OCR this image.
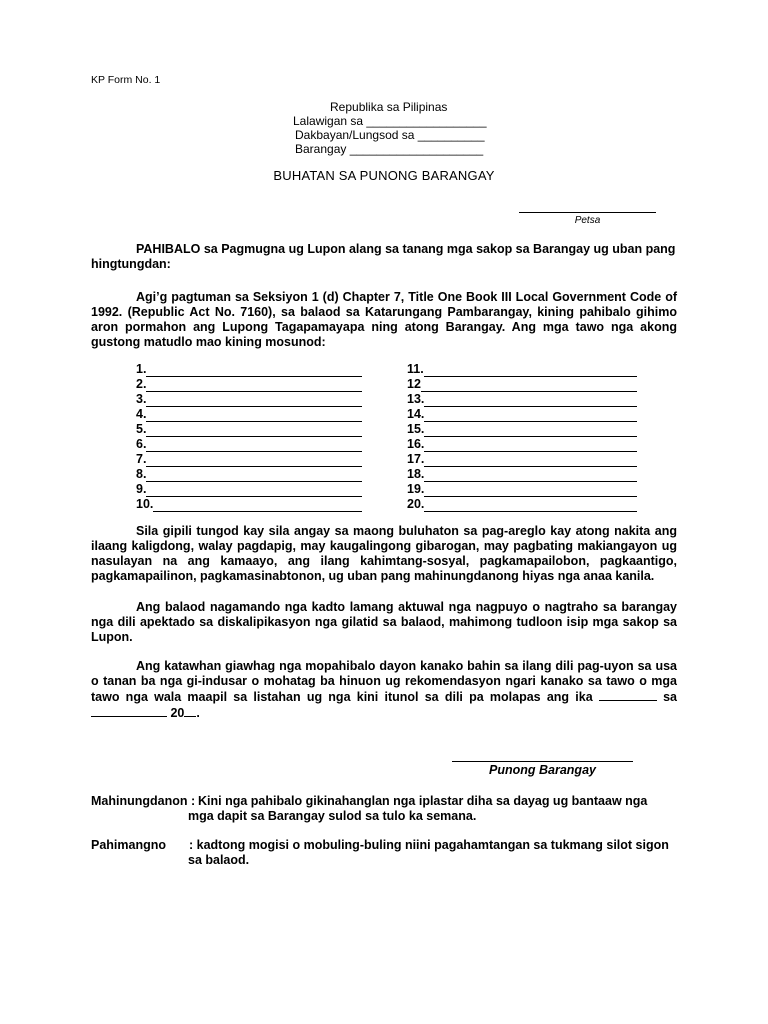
KP Form No. 1
Republika sa Pilipinas
Lalawigan sa __________________
Dakbayan/Lungsod sa __________
Barangay ____________________
BUHATAN SA PUNONG BARANGAY
Petsa
PAHIBALO sa Pagmugna ug Lupon alang sa tanang mga sakop sa Barangay ug uban pang hingtungdan:
Agi’g pagtuman sa Seksiyon 1 (d) Chapter 7, Title One Book III Local Government Code of 1992. (Republic Act No. 7160), sa balaod sa Katarungang Pambarangay, kining pahibalo gihimo aron pormahon ang Lupong Tagapamayapa ning atong Barangay. Ang mga tawo nga akong gustong matudlo mao kining mosunod:
1.
2.
3.
4.
5.
6.
7.
8.
9.
10.
11.
12
13.
14.
15.
16.
17.
18.
19.
20.
Sila gipili tungod kay sila angay sa maong buluhaton sa pag-areglo kay atong nakita ang ilaang kaligdong, walay pagdapig, may kaugalingong gibarogan, may pagbating makiangayon ug nasulayan na ang kamaayo, ang ilang kahimtang-sosyal, pagkamapailobon, pagkaantigo, pagkamapailinon, pagkamasinabtonon, ug uban pang mahinungdanong hiyas nga anaa kanila.
Ang balaod nagamando nga kadto lamang aktuwal nga nagpuyo o nagtraho sa barangay nga dili apektado sa diskalipikasyon nga gilatid sa balaod, mahimong tudloon isip mga sakop sa Lupon.
Ang katawhan giawhag nga mopahibalo dayon kanako bahin sa ilang dili pag-uyon sa usa o tanan ba nga gi-indusar o mohatag ba hinuon ug rekomendasyon ngari kanako sa tawo o mga tawo nga wala maapil sa listahan ug nga kini itunol sa dili pa molapas ang ika	sa  20 .
Punong Barangay
Mahinungdanon : Kini nga pahibalo gikinahanglan nga iplastar diha sa dayag ug bantaaw nga
mga dapit sa Barangay sulod sa tulo ka semana.
Pahimangno : kadtong mogisi o mobuling-buling niini pagahamtangan sa tukmang silot sigon
sa balaod.
